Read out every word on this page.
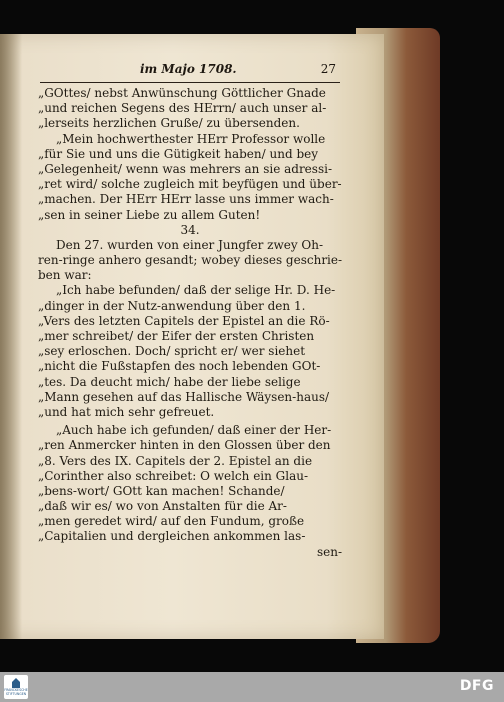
im Majo 1708.	27
„GOttes/ nebst Anwünschung Göttlicher Gnade
„und reichen Segens des HErrn/ auch unser al-
„lerseits herzlichen Gruße/ zu übersenden.
„Mein hochwerthester HErr Professor wolle
„für Sie und uns die Gütigkeit haben/ und bey
„Gelegenheit/ wenn was mehrers an sie adressi-
„ret wird/ solche zugleich mit beyfügen und über-
„machen. Der HErr HErr lasse uns immer wach-
„sen in seiner Liebe zu allem Guten!
34.
Den 27. wurden von einer Jungfer zwey Oh-
ren-ringe anhero gesandt; wobey dieses geschrie-
ben war:
„Ich habe befunden/ daß der selige Hr. D. He-
„dinger in der Nutz-anwendung über den 1.
„Vers des letzten Capitels der Epistel an die Rö-
„mer schreibet/ der Eifer der ersten Christen
„sey erloschen. Doch/ spricht er/ wer siehet
„nicht die Fußstapfen des noch lebenden GOt-
„tes. Da deucht mich/ habe der liebe selige
„Mann gesehen auf das Hallische Wäysen-haus/
„und hat mich sehr gefreuet.
„Auch habe ich gefunden/ daß einer der Her-
„ren Anmercker hinten in den Glossen über den
„8. Vers des IX. Capitels der 2. Epistel an die
„Corinther also schreibet: O welch ein Glau-
„bens-wort/ GOtt kan machen! Schande/
„daß wir es/ wo von Anstalten für die Ar-
„men geredet wird/ auf den Fundum, große
„Capitalien und dergleichen ankommen las-
sen-
FRANCKESCHE
STIFTUNGEN	DFG
